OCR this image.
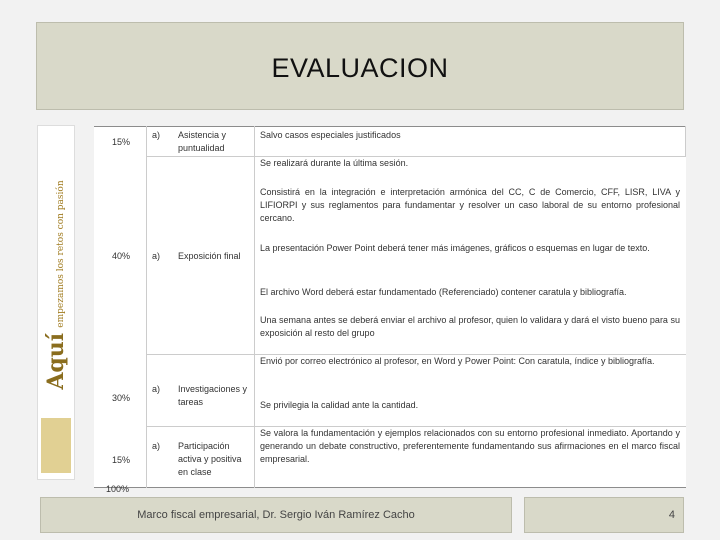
EVALUACION
Aquí empezamos los retos con pasión
15%
a) Asistencia y puntualidad
Salvo casos especiales justificados
Se realizará durante la última sesión.
Consistirá en la integración e interpretación armónica del CC, C de Comercio, CFF, LISR, LIVA y LIFIORPI y sus reglamentos para fundamentar y resolver un caso laboral de su entorno profesional cercano.
40% a) Exposición final
La presentación Power Point deberá tener más imágenes, gráficos o esquemas en lugar de texto.
El archivo Word deberá estar fundamentado (Referenciado) contener caratula y bibliografía.
Una semana antes se deberá enviar el archivo al profesor, quien lo validara y dará el visto bueno para su exposición al resto del grupo
Envió por correo electrónico al profesor, en Word y Power Point: Con caratula, índice y bibliografía.
30%
a) Investigaciones y tareas	Se privilegia la calidad ante la cantidad.
a) Participación activa y positiva en clase
15%
Se valora la fundamentación y ejemplos relacionados con su entorno profesional inmediato. Aportando y generando un debate constructivo, preferentemente fundamentando sus afirmaciones en el marco fiscal empresarial.
100%
Marco fiscal empresarial, Dr. Sergio Iván Ramírez Cacho	4
